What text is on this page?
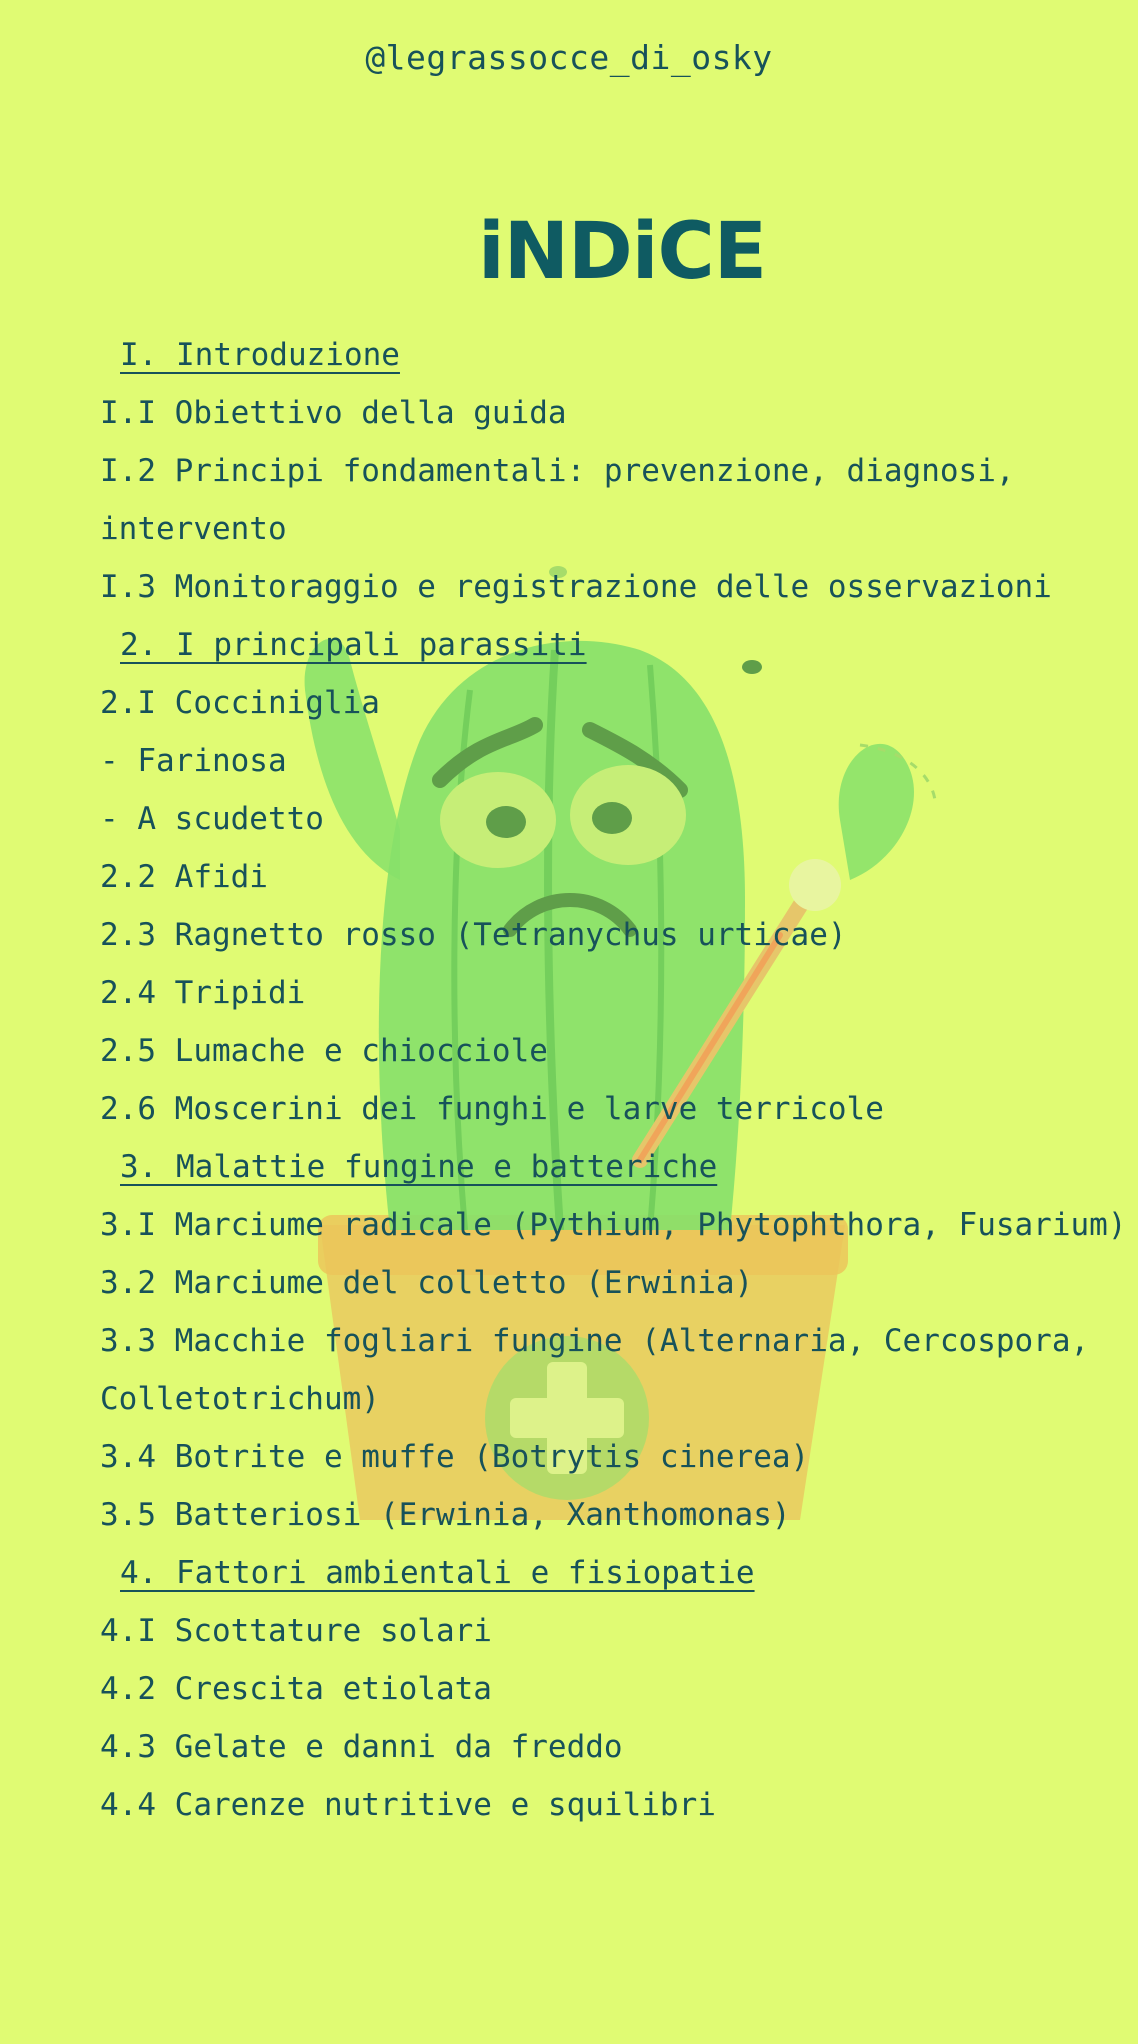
@legrassocce_di_osky
iNDiCE
I. Introduzione
I.I Obiettivo della guida
I.2 Principi fondamentali: prevenzione, diagnosi,
intervento
I.3 Monitoraggio e registrazione delle osservazioni
2. I principali parassiti
2.I Cocciniglia
- Farinosa
- A scudetto
2.2 Afidi
2.3 Ragnetto rosso (Tetranychus urticae)
2.4 Tripidi
2.5 Lumache e chiocciole
2.6 Moscerini dei funghi e larve terricole
3. Malattie fungine e batteriche
3.I Marciume radicale (Pythium, Phytophthora, Fusarium)
3.2 Marciume del colletto (Erwinia)
3.3 Macchie fogliari fungine (Alternaria, Cercospora,
Colletotrichum)
3.4 Botrite e muffe (Botrytis cinerea)
3.5 Batteriosi (Erwinia, Xanthomonas)
4. Fattori ambientali e fisiopatie
4.I Scottature solari
4.2 Crescita etiolata
4.3 Gelate e danni da freddo
4.4 Carenze nutritive e squilibri
